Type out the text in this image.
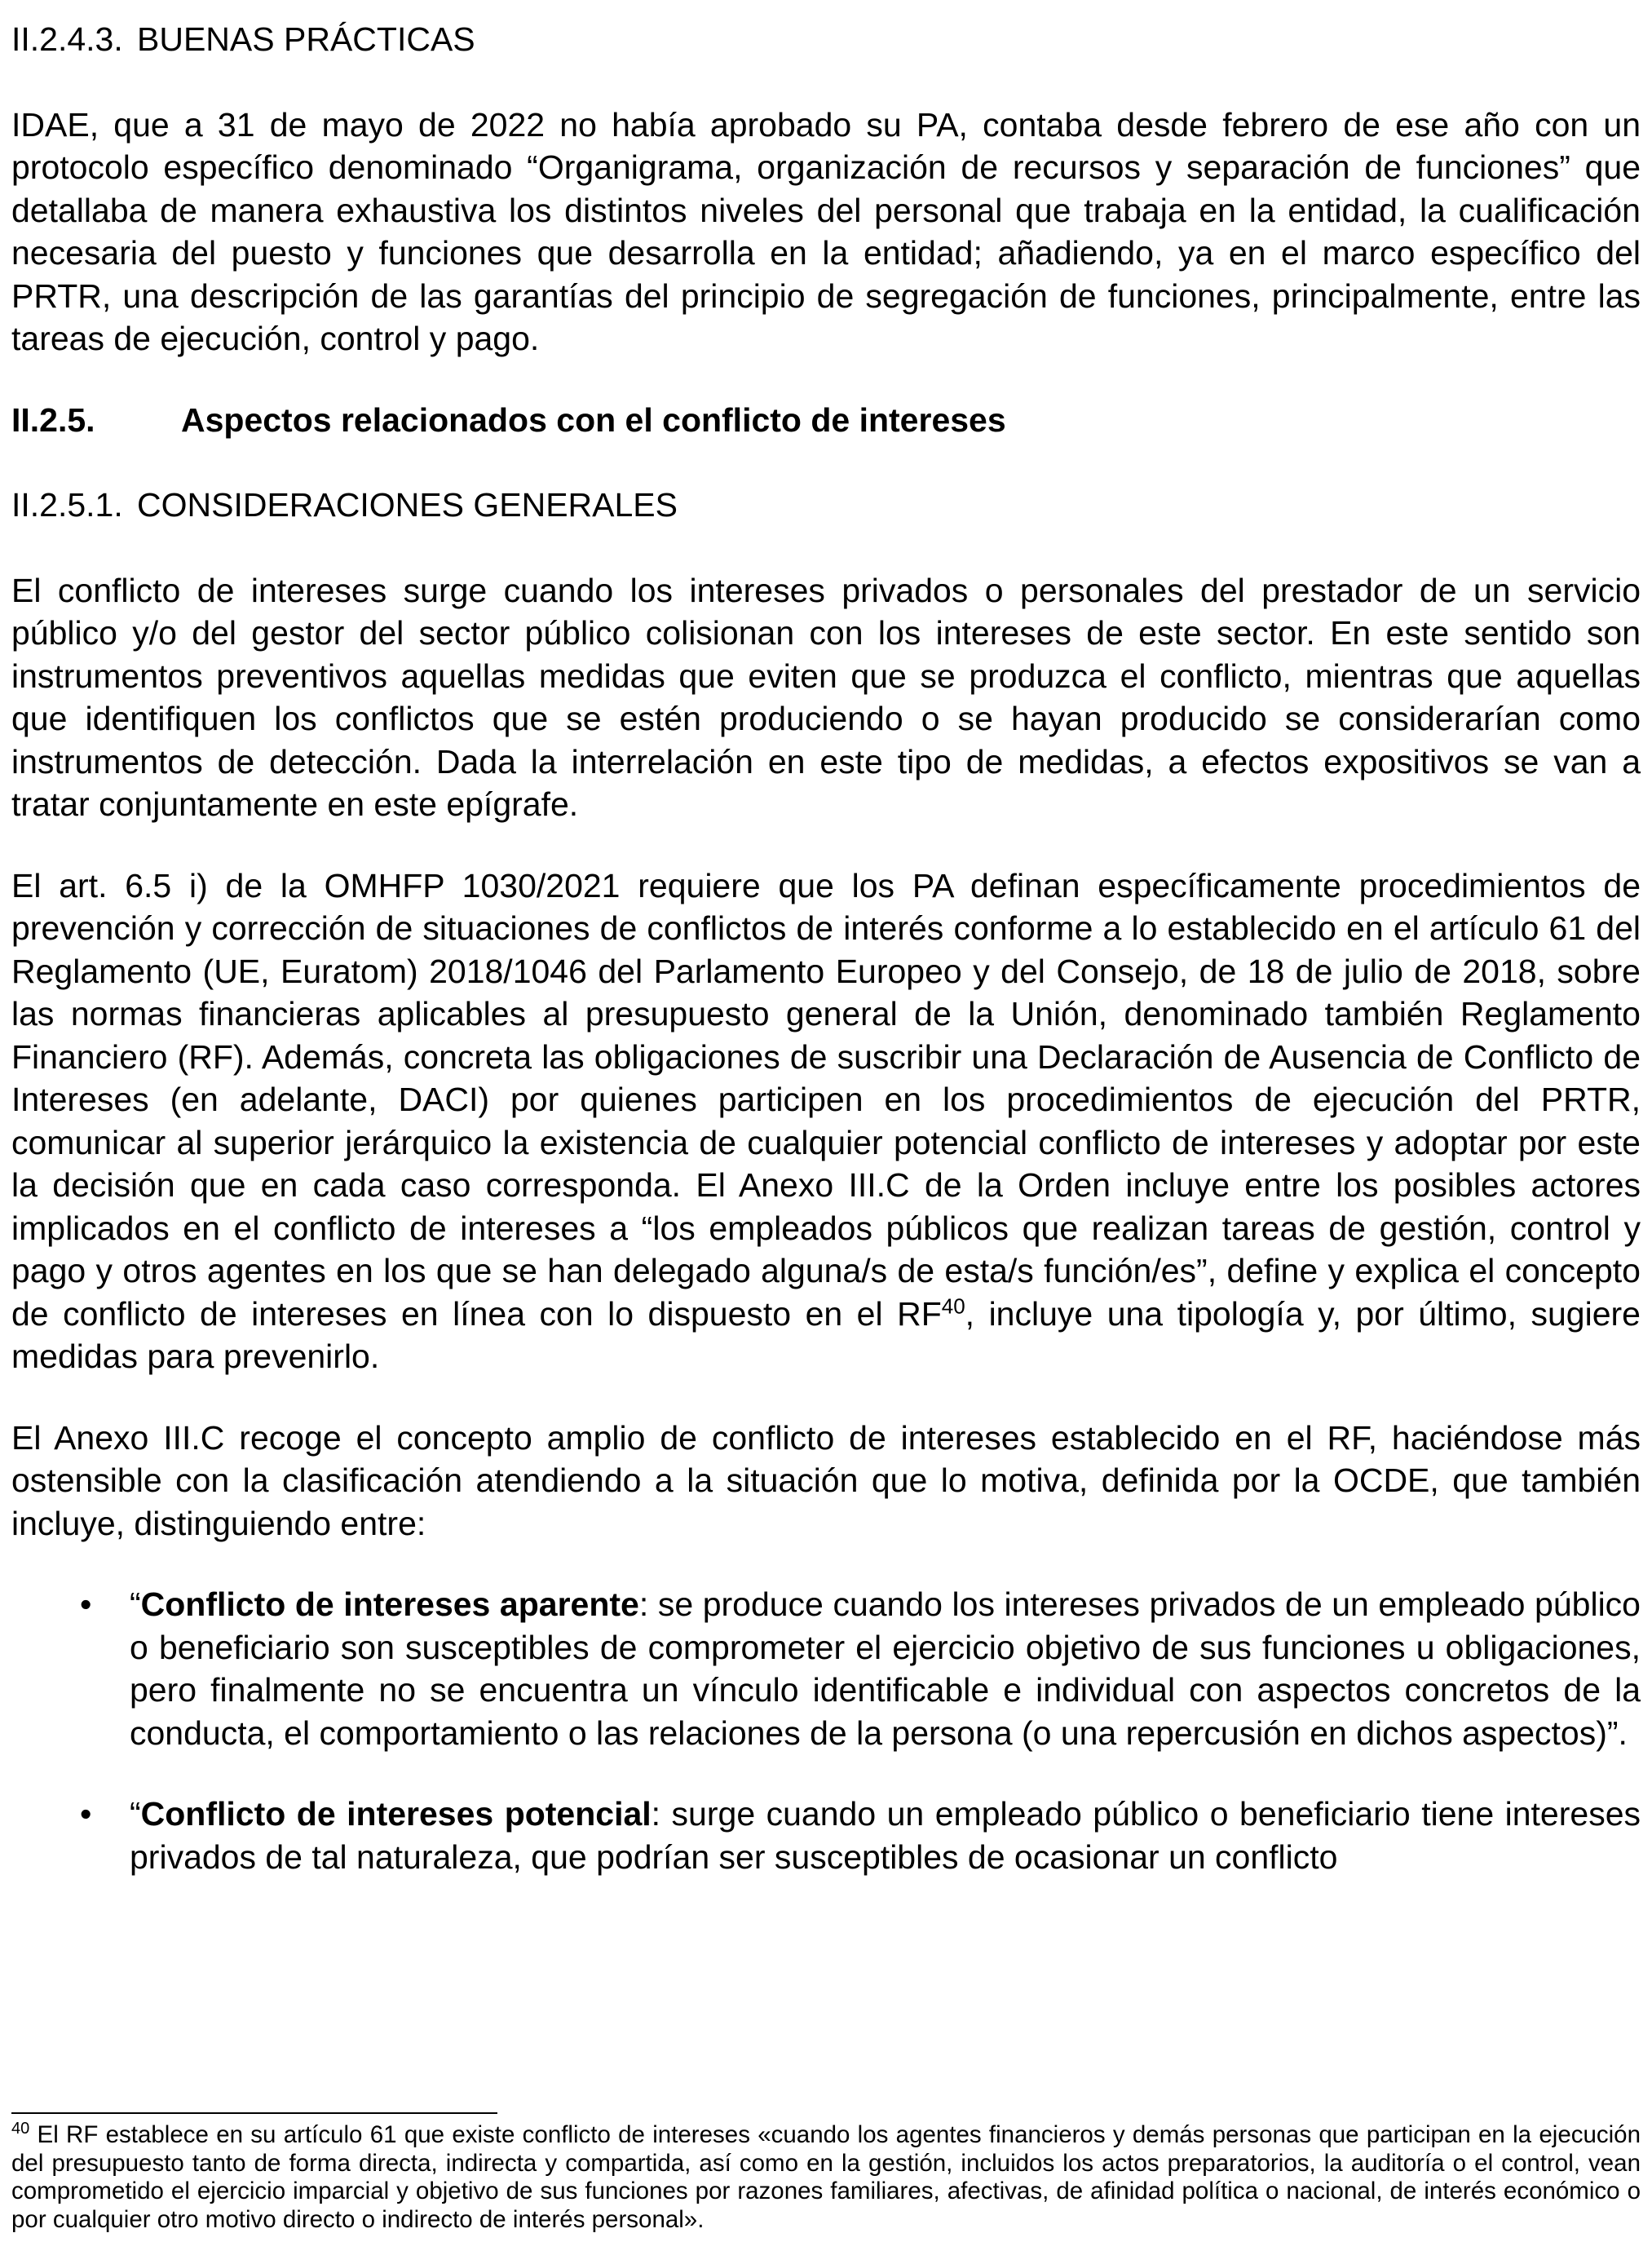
II.2.4.3. BUENAS PRÁCTICAS

IDAE, que a 31 de mayo de 2022 no había aprobado su PA, contaba desde febrero de ese año con un protocolo específico denominado “Organigrama, organización de recursos y separación de funciones” que detallaba de manera exhaustiva los distintos niveles del personal que trabaja en la entidad, la cualificación necesaria del puesto y funciones que desarrolla en la entidad; añadiendo, ya en el marco específico del PRTR, una descripción de las garantías del principio de segregación de funciones, principalmente, entre las tareas de ejecución, control y pago.

II.2.5.	Aspectos relacionados con el conflicto de intereses

II.2.5.1. CONSIDERACIONES GENERALES

El conflicto de intereses surge cuando los intereses privados o personales del prestador de un servicio público y/o del gestor del sector público colisionan con los intereses de este sector. En este sentido son instrumentos preventivos aquellas medidas que eviten que se produzca el conflicto, mientras que aquellas que identifiquen los conflictos que se estén produciendo o se hayan producido se considerarían como instrumentos de detección. Dada la interrelación en este tipo de medidas, a efectos expositivos se van a tratar conjuntamente en este epígrafe.

El art. 6.5 i) de la OMHFP 1030/2021 requiere que los PA definan específicamente procedimientos de prevención y corrección de situaciones de conflictos de interés conforme a lo establecido en el artículo 61 del Reglamento (UE, Euratom) 2018/1046 del Parlamento Europeo y del Consejo, de 18 de julio de 2018, sobre las normas financieras aplicables al presupuesto general de la Unión, denominado también Reglamento Financiero (RF). Además, concreta las obligaciones de suscribir una Declaración de Ausencia de Conflicto de Intereses (en adelante, DACI) por quienes participen en los procedimientos de ejecución del PRTR, comunicar al superior jerárquico la existencia de cualquier potencial conflicto de intereses y adoptar por este la decisión que en cada caso corresponda. El Anexo III.C de la Orden incluye entre los posibles actores implicados en el conflicto de intereses a “los empleados públicos que realizan tareas de gestión, control y pago y otros agentes en los que se han delegado alguna/s de esta/s función/es”, define y explica el concepto de conflicto de intereses en línea con lo dispuesto en el RF$^{40}$, incluye una tipología y, por último, sugiere medidas para prevenirlo.

El Anexo III.C recoge el concepto amplio de conflicto de intereses establecido en el RF, haciéndose más ostensible con la clasificación atendiendo a la situación que lo motiva, definida por la OCDE, que también incluye, distinguiendo entre:

• “Conflicto de intereses aparente: se produce cuando los intereses privados de un empleado público o beneficiario son susceptibles de comprometer el ejercicio objetivo de sus funciones u obligaciones, pero finalmente no se encuentra un vínculo identificable e individual con aspectos concretos de la conducta, el comportamiento o las relaciones de la persona (o una repercusión en dichos aspectos)”.
• “Conflicto de intereses potencial: surge cuando un empleado público o beneficiario tiene intereses privados de tal naturaleza, que podrían ser susceptibles de ocasionar un conflicto

$^{40}$ El RF establece en su artículo 61 que existe conflicto de intereses «cuando los agentes financieros y demás personas que participan en la ejecución del presupuesto tanto de forma directa, indirecta y compartida, así como en la gestión, incluidos los actos preparatorios, la auditoría o el control, vean comprometido el ejercicio imparcial y objetivo de sus funciones por razones familiares, afectivas, de afinidad política o nacional, de interés económico o por cualquier otro motivo directo o indirecto de interés personal».
